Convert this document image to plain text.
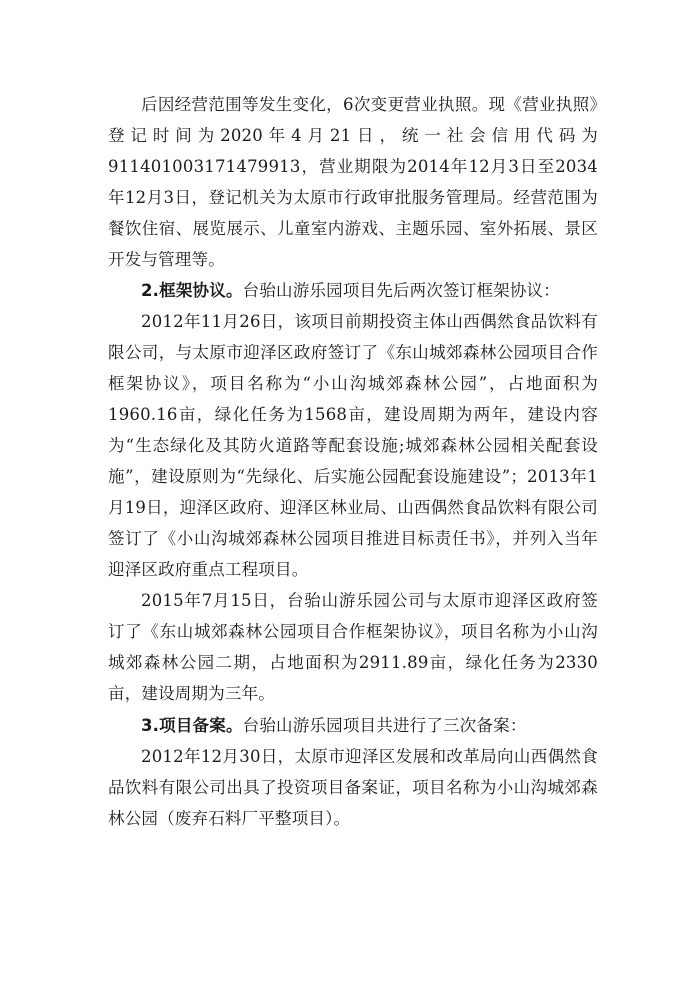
后因经营范围等发生变化，6次变更营业执照。现《营业执照》登记时间为2020年4月21日，统一社会信用代码为911401003171479913，营业期限为2014年12月3日至2034年12月3日，登记机关为太原市行政审批服务管理局。经营范围为餐饮住宿、展览展示、儿童室内游戏、主题乐园、室外拓展、景区开发与管理等。

2.框架协议。台骀山游乐园项目先后两次签订框架协议：

2012年11月26日，该项目前期投资主体山西偶然食品饮料有限公司，与太原市迎泽区政府签订了《东山城郊森林公园项目合作框架协议》，项目名称为“小山沟城郊森林公园”，占地面积为1960.16亩，绿化任务为1568亩，建设周期为两年，建设内容为“生态绿化及其防火道路等配套设施;城郊森林公园相关配套设施”，建设原则为“先绿化、后实施公园配套设施建设”；2013年1月19日，迎泽区政府、迎泽区林业局、山西偶然食品饮料有限公司签订了《小山沟城郊森林公园项目推进目标责任书》，并列入当年迎泽区政府重点工程项目。

2015年7月15日，台骀山游乐园公司与太原市迎泽区政府签订了《东山城郊森林公园项目合作框架协议》，项目名称为小山沟城郊森林公园二期，占地面积为2911.89亩，绿化任务为2330亩，建设周期为三年。

3.项目备案。台骀山游乐园项目共进行了三次备案：

2012年12月30日，太原市迎泽区发展和改革局向山西偶然食品饮料有限公司出具了投资项目备案证，项目名称为小山沟城郊森林公园（废弃石料厂平整项目）。
